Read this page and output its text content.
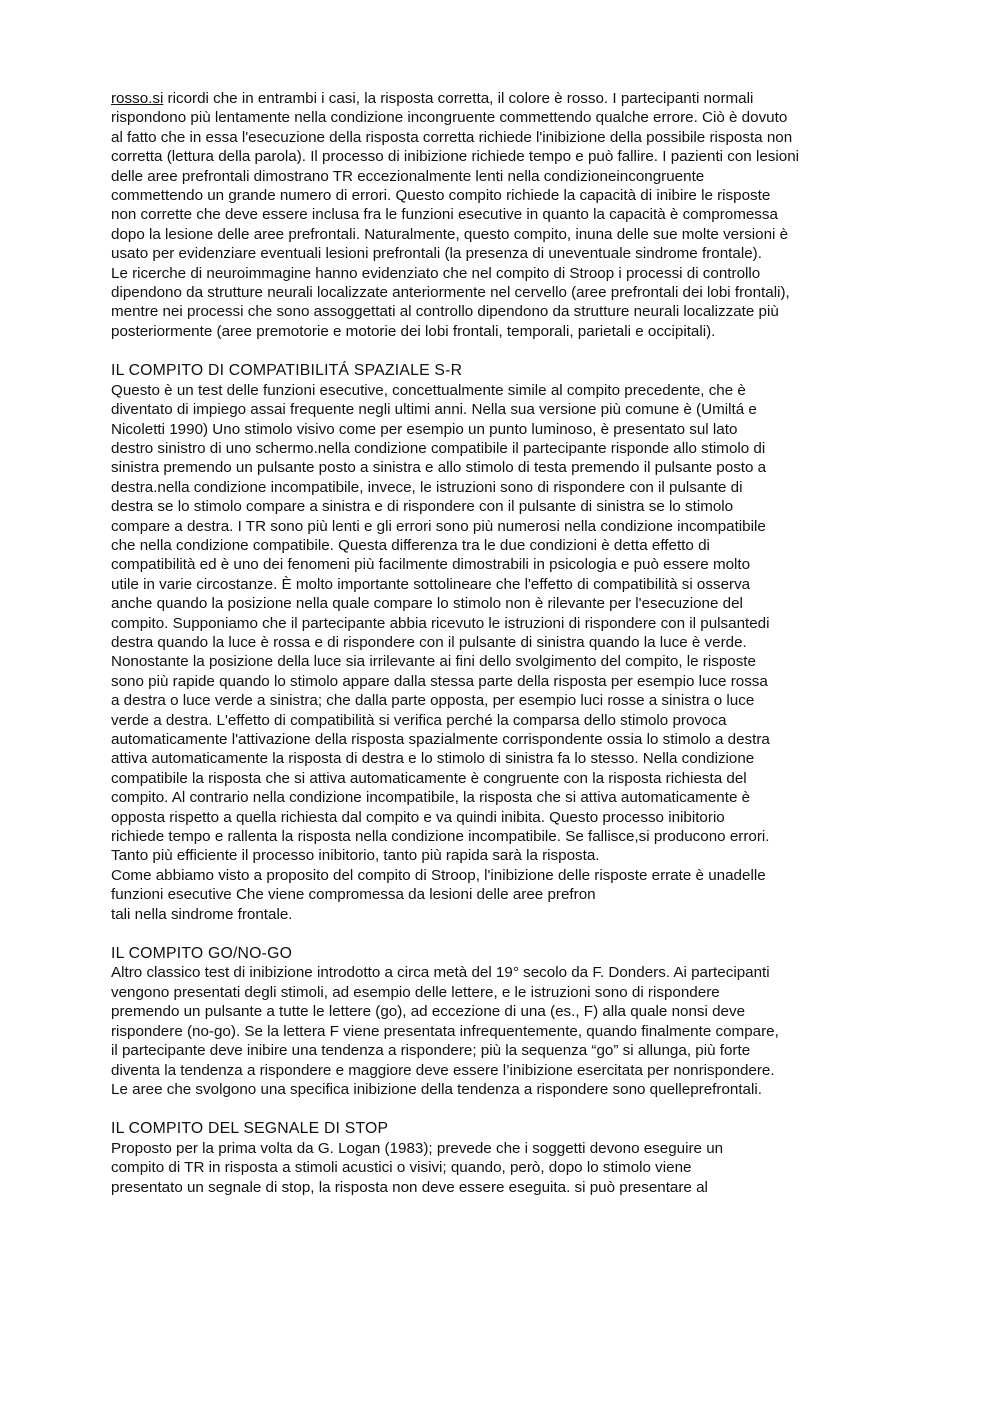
rosso.si ricordi che in entrambi i casi, la risposta corretta, il colore è rosso. I partecipanti normali
rispondono più lentamente nella condizione incongruente commettendo qualche errore. Ciò è dovuto
al fatto che in essa l'esecuzione della risposta corretta richiede l'inibizione della possibile risposta non
corretta (lettura della parola). Il processo di inibizione richiede tempo e può fallire. I pazienti con lesioni
delle aree prefrontali dimostrano TR eccezionalmente lenti nella condizioneincongruente
commettendo un grande numero di errori. Questo compito richiede la capacità di inibire le risposte
non corrette che deve essere inclusa fra le funzioni esecutive in quanto la capacità è compromessa
dopo la lesione delle aree prefrontali. Naturalmente, questo compito, inuna delle sue molte versioni è
usato per evidenziare eventuali lesioni prefrontali (la presenza di uneventuale sindrome frontale).
Le ricerche di neuroimmagine hanno evidenziato che nel compito di Stroop i processi di controllo
dipendono da strutture neurali localizzate anteriormente nel cervello (aree prefrontali dei lobi frontali),
mentre nei processi che sono assoggettati al controllo dipendono da strutture neurali localizzate più
posteriormente (aree premotorie e motorie dei lobi frontali, temporali, parietali e occipitali).
IL COMPITO DI COMPATIBILITÁ SPAZIALE S-R
Questo è un test delle funzioni esecutive, concettualmente simile al compito precedente, che è
diventato di impiego assai frequente negli ultimi anni. Nella sua versione più comune è (Umiltá e
Nicoletti 1990) Uno stimolo visivo come per esempio un punto luminoso, è presentato sul lato
destro sinistro di uno schermo.nella condizione compatibile il partecipante risponde allo stimolo di
sinistra premendo un pulsante posto a sinistra e allo stimolo di testa premendo il pulsante posto a
destra.nella condizione incompatibile, invece, le istruzioni sono di rispondere con il pulsante di
destra se lo stimolo compare a sinistra e di rispondere con il pulsante di sinistra se lo stimolo
compare a destra. I TR sono più lenti e gli errori sono più numerosi nella condizione incompatibile
che nella condizione compatibile. Questa differenza tra le due condizioni è detta effetto di
compatibilità ed è uno dei fenomeni più facilmente dimostrabili in psicologia e può essere molto
utile in varie circostanze. È molto importante sottolineare che l'effetto di compatibilità si osserva
anche quando la posizione nella quale compare lo stimolo non è rilevante per l'esecuzione del
compito. Supponiamo che il partecipante abbia ricevuto le istruzioni di rispondere con il pulsantedi
destra quando la luce è rossa e di rispondere con il pulsante di sinistra quando la luce è verde.
Nonostante la posizione della luce sia irrilevante ai fini dello svolgimento del compito, le risposte
sono più rapide quando lo stimolo appare dalla stessa parte della risposta per esempio luce rossa
a destra o luce verde a sinistra; che dalla parte opposta, per esempio luci rosse a sinistra o luce
verde a destra. L'effetto di compatibilità si verifica perché la comparsa dello stimolo provoca
automaticamente l'attivazione della risposta spazialmente corrispondente ossia lo stimolo a destra
attiva automaticamente la risposta di destra e lo stimolo di sinistra fa lo stesso. Nella condizione
compatibile la risposta che si attiva automaticamente è congruente con la risposta richiesta del
compito. Al contrario nella condizione incompatibile, la risposta che si attiva automaticamente è
opposta rispetto a quella richiesta dal compito e va quindi inibita. Questo processo inibitorio
richiede tempo e rallenta la risposta nella condizione incompatibile. Se fallisce,si producono errori.
Tanto più efficiente il processo inibitorio, tanto più rapida sarà la risposta.
Come abbiamo visto a proposito del compito di Stroop, l'inibizione delle risposte errate è unadelle
funzioni esecutive Che viene compromessa da lesioni delle aree prefron
tali nella sindrome frontale.
IL COMPITO GO/NO-GO
Altro classico test di inibizione introdotto a circa metà del 19° secolo da F. Donders. Ai partecipanti
vengono presentati degli stimoli, ad esempio delle lettere, e le istruzioni sono di rispondere
premendo un pulsante a tutte le lettere (go), ad eccezione di una (es., F) alla quale nonsi deve
rispondere (no-go). Se la lettera F viene presentata infrequentemente, quando finalmente compare,
il partecipante deve inibire una tendenza a rispondere; più la sequenza “go” si allunga, più forte
diventa la tendenza a rispondere e maggiore deve essere l’inibizione esercitata per nonrispondere.
Le aree che svolgono una specifica inibizione della tendenza a rispondere sono quelleprefrontali.
IL COMPITO DEL SEGNALE DI STOP
Proposto per la prima volta da G. Logan (1983); prevede che i soggetti devono eseguire un
compito di TR in risposta a stimoli acustici o visivi; quando, però, dopo lo stimolo viene
presentato un segnale di stop, la risposta non deve essere eseguita. si può presentare al
